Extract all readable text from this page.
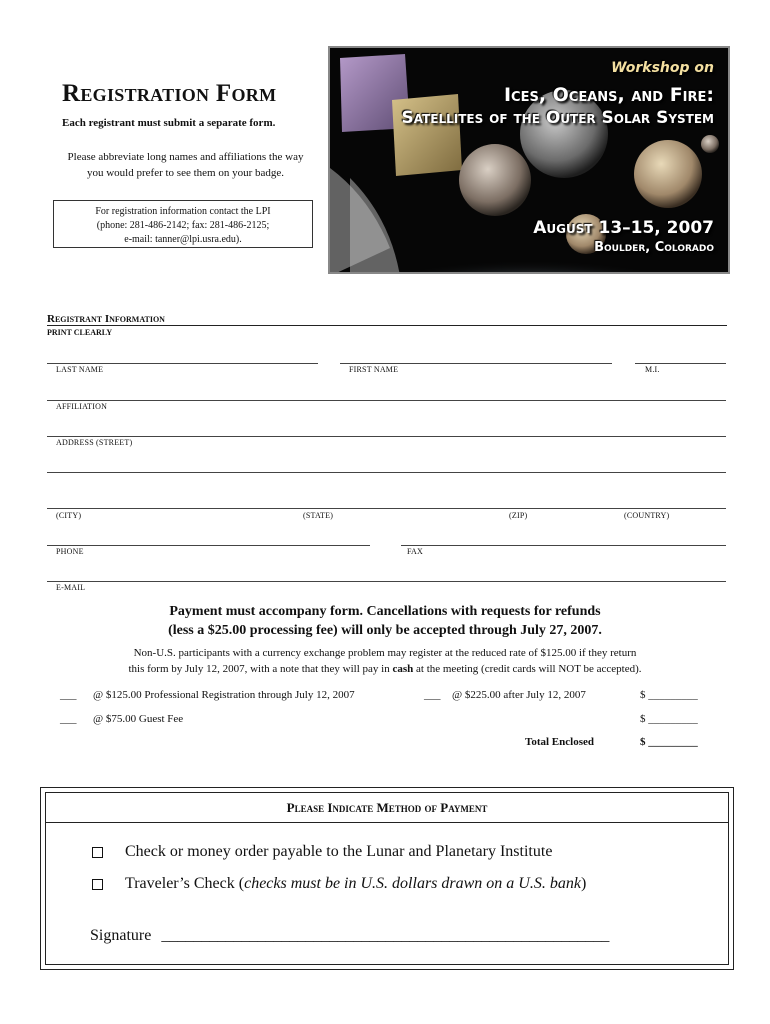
Registration Form
Each registrant must submit a separate form.
Please abbreviate long names and affiliations the way you would prefer to see them on your badge.
For registration information contact the LPI
(phone: 281-486-2142; fax: 281-486-2125;
e-mail: tanner@lpi.usra.edu).
Workshop on
Ices, Oceans, and Fire:
Satellites of the Outer Solar System
August 13–15, 2007
Boulder, Colorado
Registrant Information
PRINT CLEARLY
LAST NAME	FIRST NAME	M.I.
AFFILIATION
ADDRESS (STREET)
(CITY)	(STATE)	(ZIP)	(COUNTRY)
PHONE	FAX
E-MAIL
Payment must accompany form. Cancellations with requests for refunds
(less a $25.00 processing fee) will only be accepted through July 27, 2007.
Non-U.S. participants with a currency exchange problem may register at the reduced rate of $125.00 if they return
this form by July 12, 2007, with a note that they will pay in cash at the meeting (credit cards will NOT be accepted).
___ @ $125.00 Professional Registration through July 12, 2007	___ @ $225.00 after July 12, 2007	$ _________
___ @ $75.00 Guest Fee	$ _________
Total Enclosed	$ _________
Please Indicate Method of Payment
Check or money order payable to the Lunar and Planetary Institute
Traveler’s Check (checks must be in U.S. dollars drawn on a U.S. bank)
Signature ________________________________________________________
